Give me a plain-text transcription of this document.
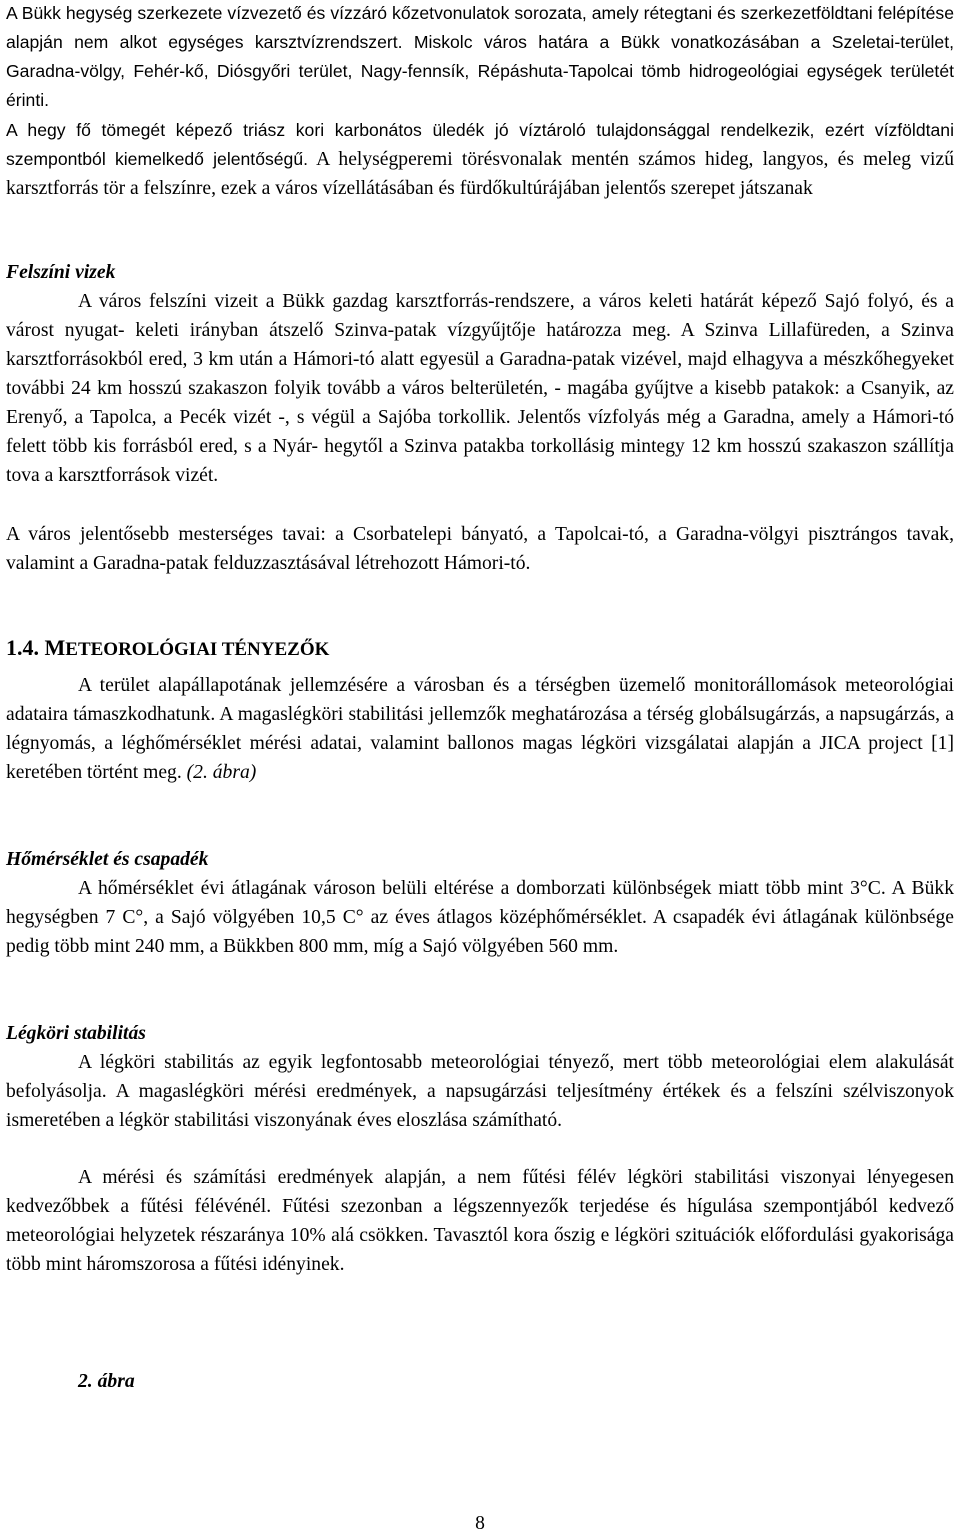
A Bükk hegység szerkezete vízvezető és vízzáró kőzetvonulatok sorozata, amely rétegtani és szerkezetföldtani felépítése alapján nem alkot egységes karsztvízrendszert. Miskolc város határa a Bükk vonatkozásában a Szeletai-terület, Garadna-völgy, Fehér-kő, Diósgyőri terület, Nagy-fennsík, Répáshuta-Tapolcai tömb hidrogeológiai egységek területét érinti.

A hegy fő tömegét képező triász kori karbonátos üledék jó víztároló tulajdonsággal rendelkezik, ezért vízföldtani szempontból kiemelkedő jelentőségű. A helységperemi törésvonalak mentén számos hideg, langyos, és meleg vizű karsztforrás tör a felszínre, ezek a város vízellátásában és fürdőkultúrájában jelentős szerepet játszanak

Felszíni vizek

A város felszíni vizeit a Bükk gazdag karsztforrás-rendszere, a város keleti határát képező Sajó folyó, és a várost nyugat- keleti irányban átszelő Szinva-patak vízgyűjtője határozza meg. A Szinva Lillafüreden, a Szinva karsztforrásokból ered, 3 km után a Hámori-tó alatt egyesül a Garadna-patak vizével, majd elhagyva a mészkőhegyeket további 24 km hosszú szakaszon folyik tovább a város belterületén, - magába gyűjtve a kisebb patakok: a Csanyik, az Erenyő, a Tapolca, a Pecék vizét -, s végül a Sajóba torkollik. Jelentős vízfolyás még a Garadna, amely a Hámori-tó felett több kis forrásból ered, s a Nyár- hegytől a Szinva patakba torkollásig mintegy 12 km hosszú szakaszon szállítja tova a karsztforrások vizét.

A város jelentősebb mesterséges tavai: a Csorbatelepi bányató, a Tapolcai-tó, a Garadna-völgyi pisztrángos tavak, valamint a Garadna-patak felduzzasztásával létrehozott Hámori-tó.

1.4. METEOROLÓGIAI TÉNYEZŐK

A terület alapállapotának jellemzésére a városban és a térségben üzemelő monitorállomások meteorológiai adataira támaszkodhatunk. A magaslégköri stabilitási jellemzők meghatározása a térség globálsugárzás, a napsugárzás, a légnyomás, a léghőmérséklet mérési adatai, valamint ballonos magas légköri vizsgálatai alapján a JICA project [1] keretében történt meg. (2. ábra)

Hőmérséklet és csapadék

A hőmérséklet évi átlagának városon belüli eltérése a domborzati különbségek miatt több mint 3°C. A Bükk hegységben 7 C°, a Sajó völgyében 10,5 C° az éves átlagos középhőmérséklet. A csapadék évi átlagának különbsége pedig több mint 240 mm, a Bükkben 800 mm, míg a Sajó völgyében 560 mm.

Légköri stabilitás

A légköri stabilitás az egyik legfontosabb meteorológiai tényező, mert több meteorológiai elem alakulását befolyásolja. A magaslégköri mérési eredmények, a napsugárzási teljesítmény értékek és a felszíni szélviszonyok ismeretében a légkör stabilitási viszonyának éves eloszlása számítható.

A mérési és számítási eredmények alapján, a nem fűtési félév légköri stabilitási viszonyai lényegesen kedvezőbbek a fűtési félévénél. Fűtési szezonban a légszennyezők terjedése és hígulása szempontjából kedvező meteorológiai helyzetek részaránya 10% alá csökken. Tavasztól kora őszig e légköri szituációk előfordulási gyakorisága több mint háromszorosa a fűtési idényinek.

2. ábra

8
